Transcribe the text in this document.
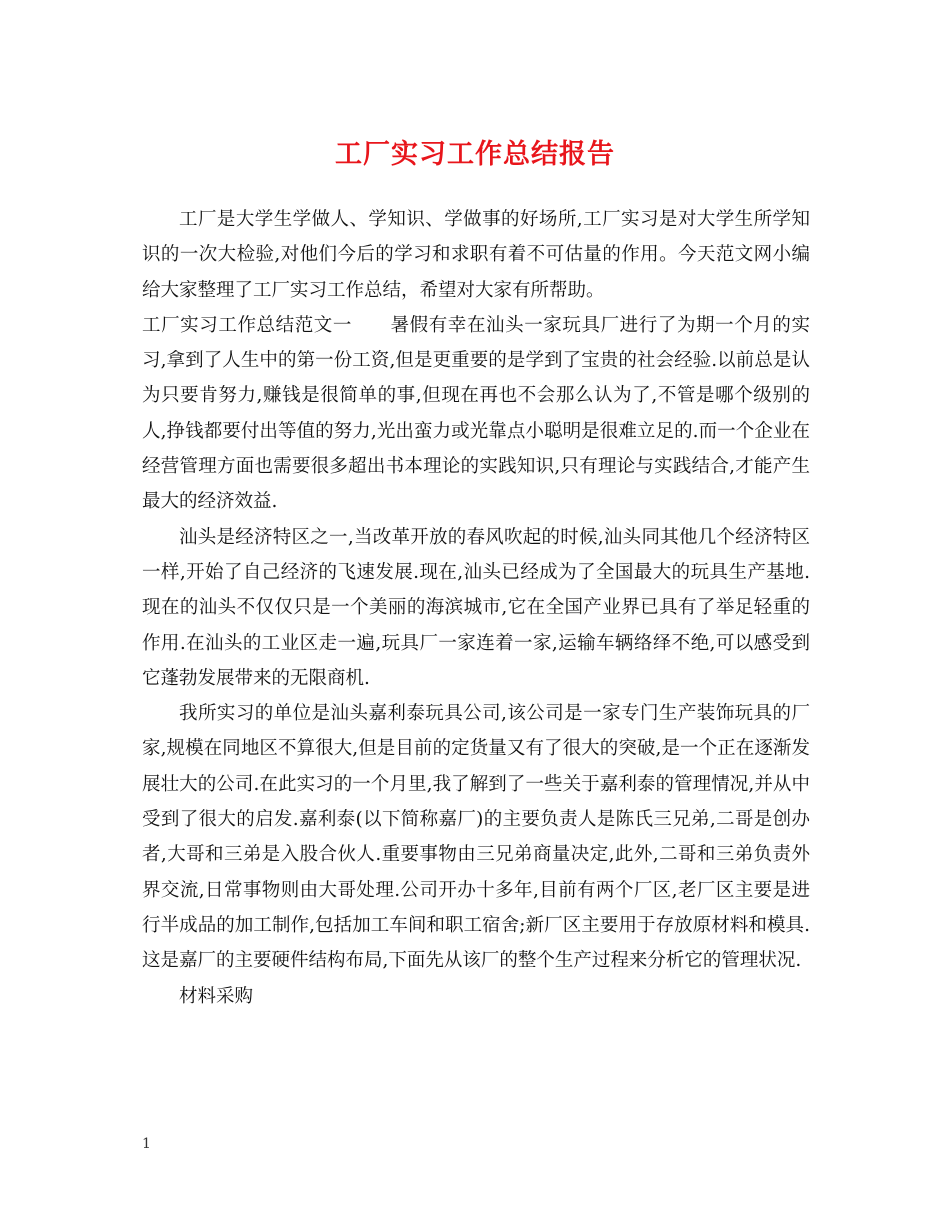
工厂实习工作总结报告

工厂是大学生学做人、学知识、学做事的好场所,工厂实习是对大学生所学知识的一次大检验,对他们今后的学习和求职有着不可估量的作用。今天范文网小编给大家整理了工厂实习工作总结，希望对大家有所帮助。

工厂实习工作总结范文一 暑假有幸在汕头一家玩具厂进行了为期一个月的实习,拿到了人生中的第一份工资,但是更重要的是学到了宝贵的社会经验.以前总是认为只要肯努力,赚钱是很简单的事,但现在再也不会那么认为了,不管是哪个级别的人,挣钱都要付出等值的努力,光出蛮力或光靠点小聪明是很难立足的.而一个企业在经营管理方面也需要很多超出书本理论的实践知识,只有理论与实践结合,才能产生最大的经济效益.

汕头是经济特区之一,当改革开放的春风吹起的时候,汕头同其他几个经济特区一样,开始了自己经济的飞速发展.现在,汕头已经成为了全国最大的玩具生产基地.现在的汕头不仅仅只是一个美丽的海滨城市,它在全国产业界已具有了举足轻重的作用.在汕头的工业区走一遍,玩具厂一家连着一家,运输车辆络绎不绝,可以感受到它蓬勃发展带来的无限商机.

我所实习的单位是汕头嘉利泰玩具公司,该公司是一家专门生产装饰玩具的厂家,规模在同地区不算很大,但是目前的定货量又有了很大的突破,是一个正在逐渐发展壮大的公司.在此实习的一个月里,我了解到了一些关于嘉利泰的管理情况,并从中受到了很大的启发.嘉利泰(以下简称嘉厂)的主要负责人是陈氏三兄弟,二哥是创办者,大哥和三弟是入股合伙人.重要事物由三兄弟商量决定,此外,二哥和三弟负责外界交流,日常事物则由大哥处理.公司开办十多年,目前有两个厂区,老厂区主要是进行半成品的加工制作,包括加工车间和职工宿舍;新厂区主要用于存放原材料和模具.这是嘉厂的主要硬件结构布局,下面先从该厂的整个生产过程来分析它的管理状况.

材料采购

1
